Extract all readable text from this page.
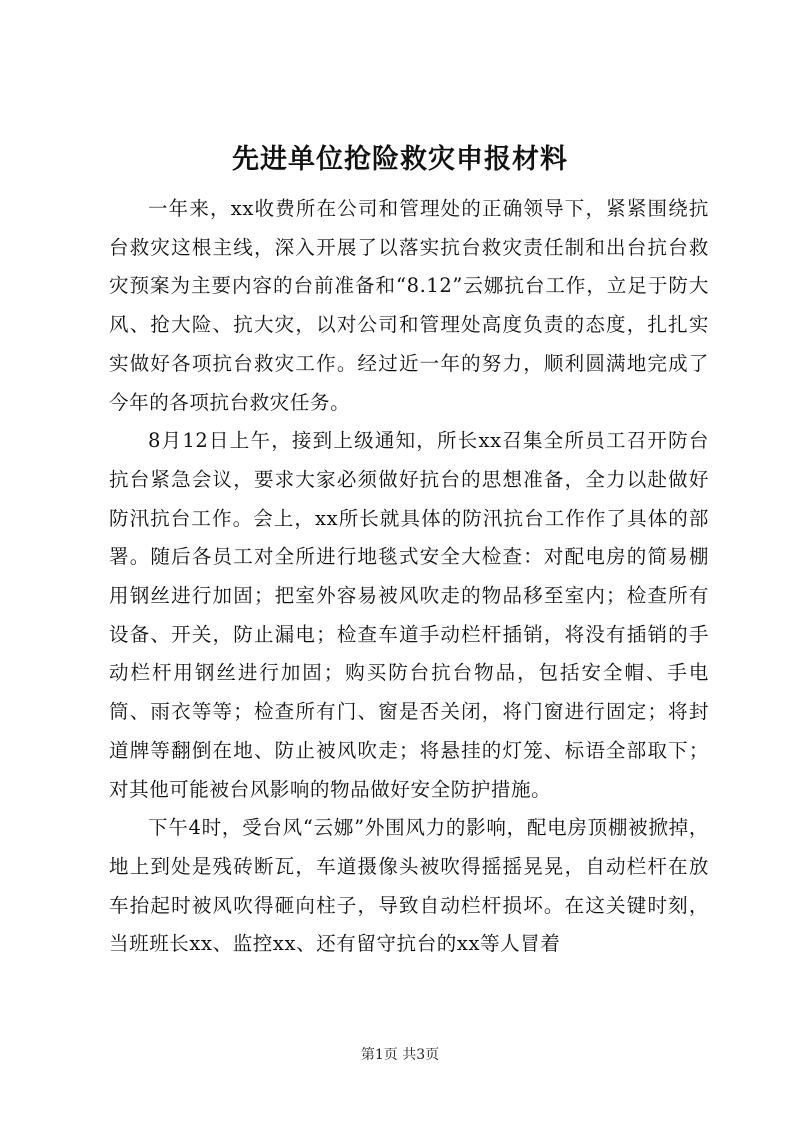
先进单位抢险救灾申报材料

一年来，xx收费所在公司和管理处的正确领导下，紧紧围绕抗台救灾这根主线，深入开展了以落实抗台救灾责任制和出台抗台救灾预案为主要内容的台前准备和“8.12”云娜抗台工作，立足于防大风、抢大险、抗大灾，以对公司和管理处高度负责的态度，扎扎实实做好各项抗台救灾工作。经过近一年的努力，顺利圆满地完成了今年的各项抗台救灾任务。

8月12日上午，接到上级通知，所长xx召集全所员工召开防台抗台紧急会议，要求大家必须做好抗台的思想准备，全力以赴做好防汛抗台工作。会上，xx所长就具体的防汛抗台工作作了具体的部署。随后各员工对全所进行地毯式安全大检查：对配电房的简易棚用钢丝进行加固；把室外容易被风吹走的物品移至室内；检查所有设备、开关，防止漏电；检查车道手动栏杆插销，将没有插销的手动栏杆用钢丝进行加固；购买防台抗台物品，包括安全帽、手电筒、雨衣等等；检查所有门、窗是否关闭，将门窗进行固定；将封道牌等翻倒在地、防止被风吹走；将悬挂的灯笼、标语全部取下；对其他可能被台风影响的物品做好安全防护措施。

下午4时，受台风“云娜”外围风力的影响，配电房顶棚被掀掉，地上到处是残砖断瓦，车道摄像头被吹得摇摇晃晃，自动栏杆在放车抬起时被风吹得砸向柱子，导致自动栏杆损坏。在这关键时刻，当班班长xx、监控xx、还有留守抗台的xx等人冒着

第1页 共3页
